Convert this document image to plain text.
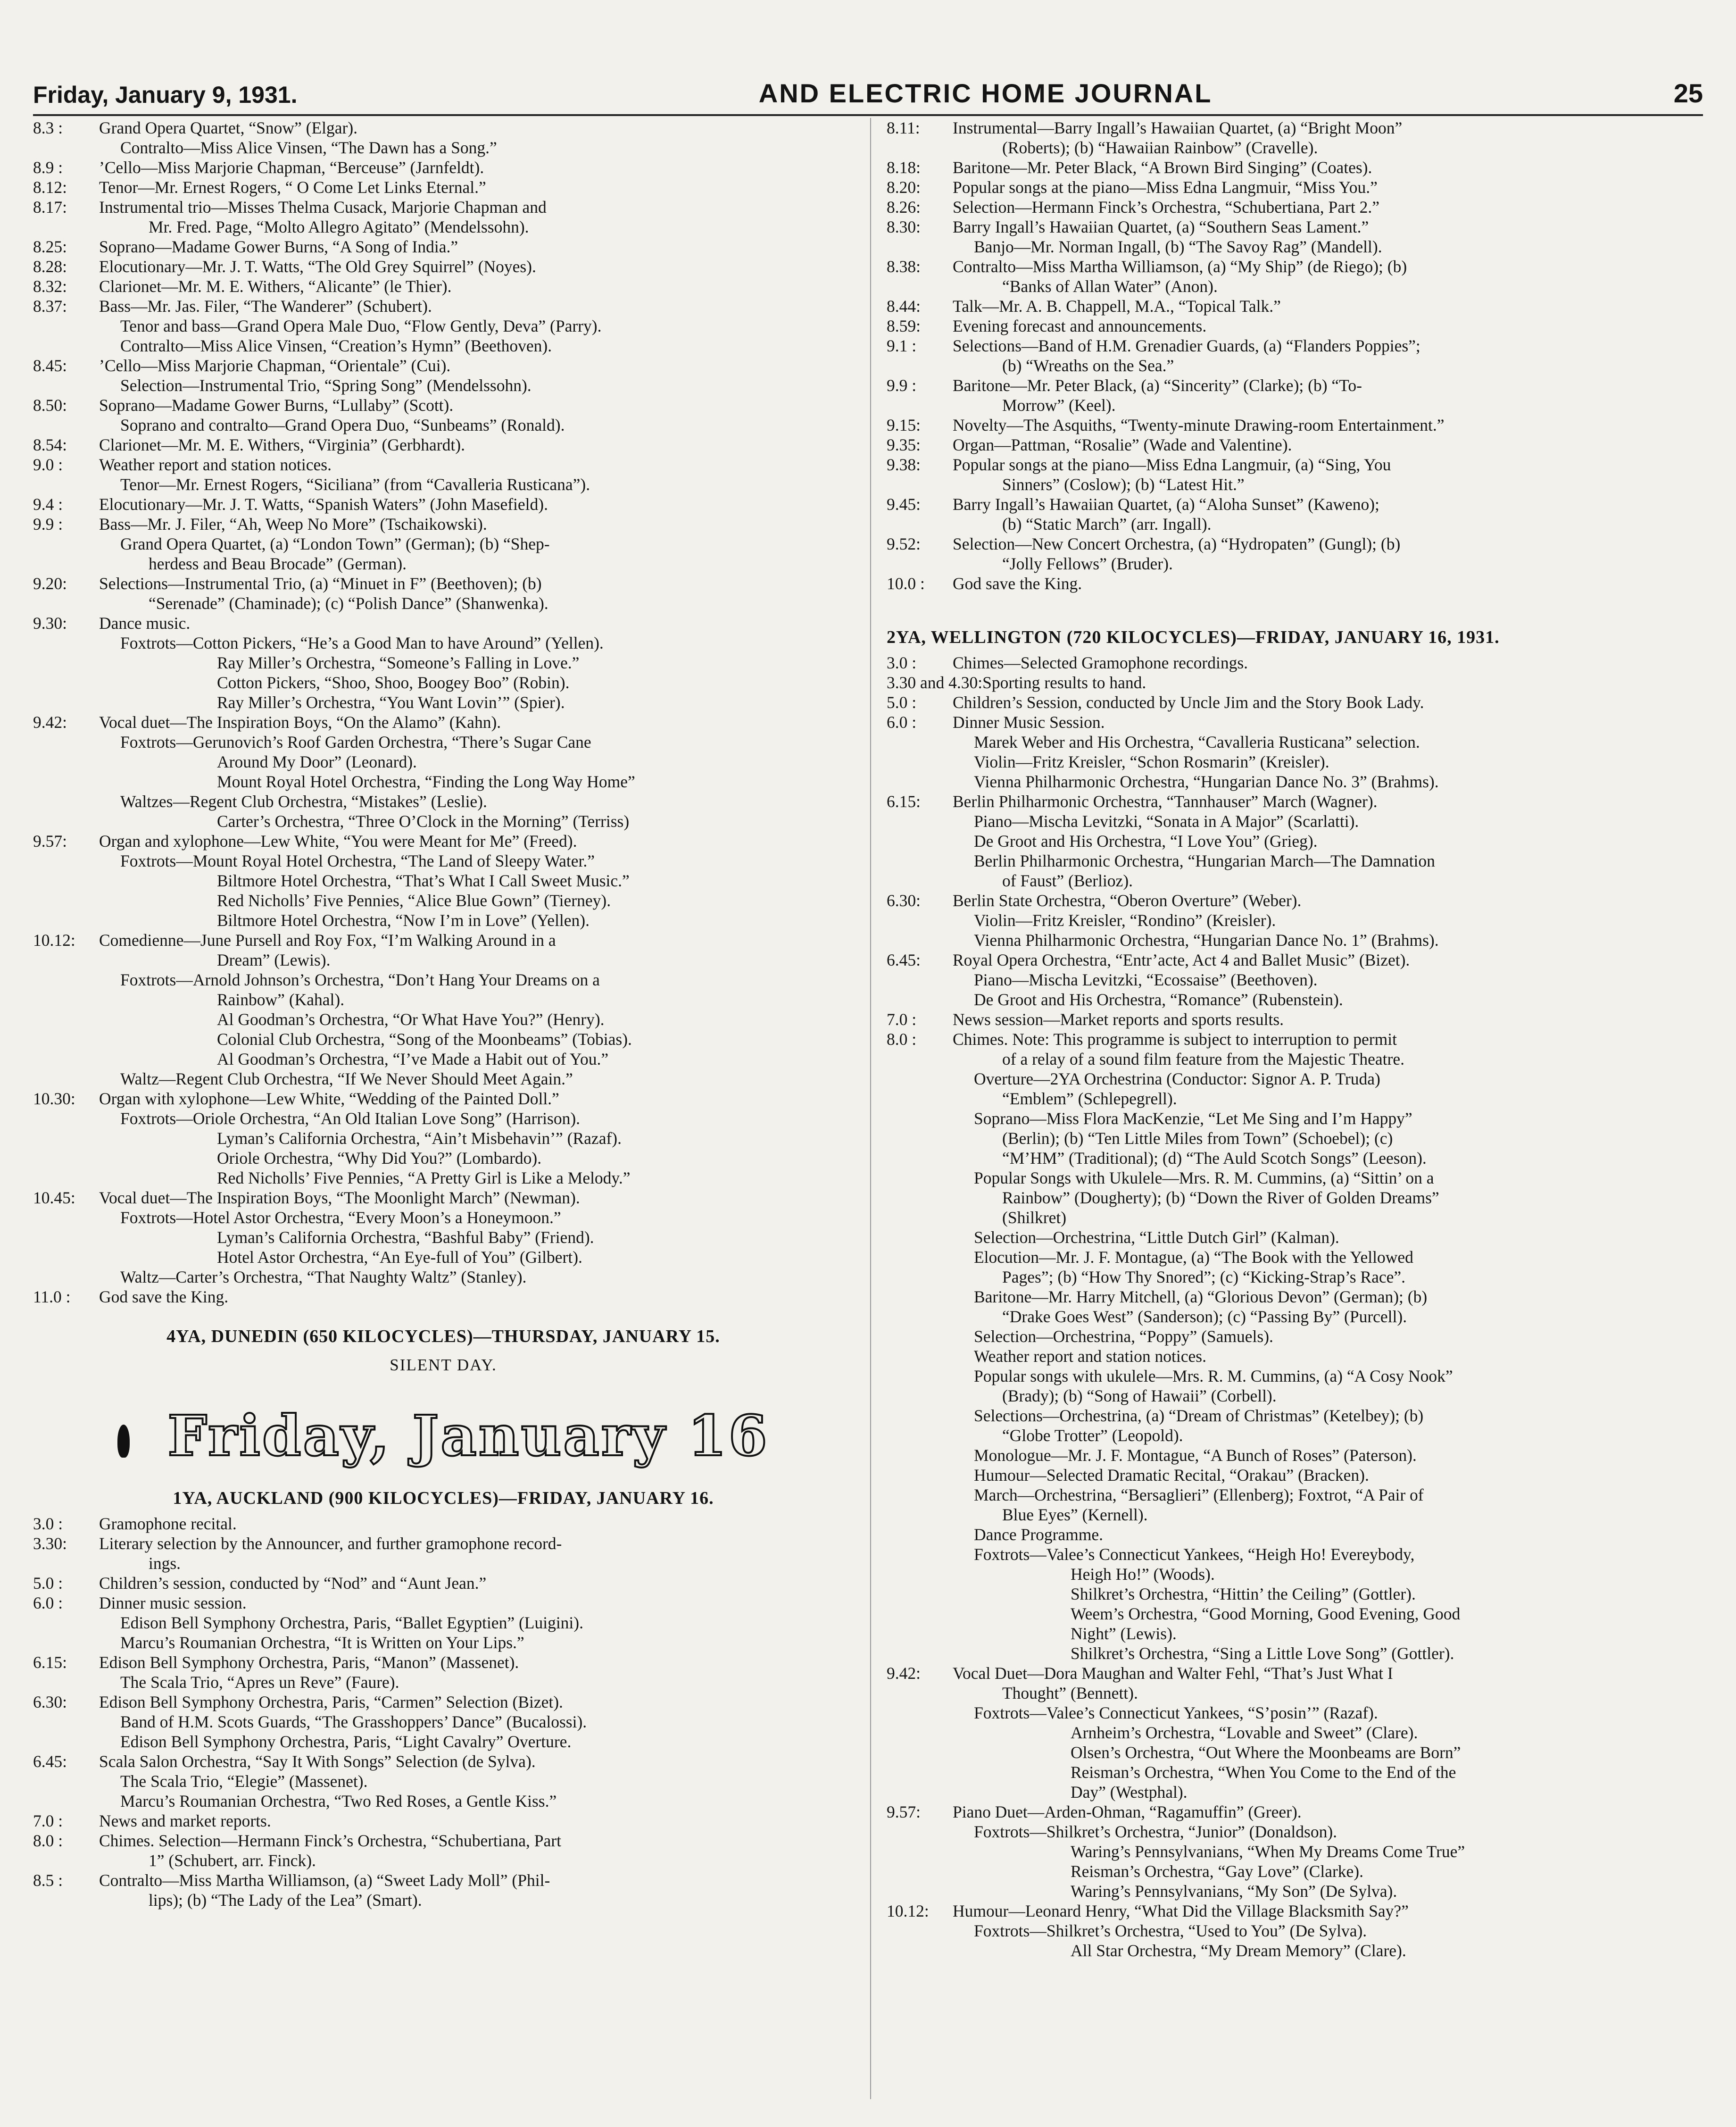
Friday, January 9, 1931.	AND ELECTRIC HOME JOURNAL	25
8.3 : Grand Opera Quartet, “Snow” (Elgar).
Contralto—Miss Alice Vinsen, “The Dawn has a Song.”
8.9 : ’Cello—Miss Marjorie Chapman, “Berceuse” (Jarnfeldt).
8.12: Tenor—Mr. Ernest Rogers, “ O Come Let Links Eternal.”
8.17: Instrumental trio—Misses Thelma Cusack, Marjorie Chapman and
Mr. Fred. Page, “Molto Allegro Agitato” (Mendelssohn).
8.25: Soprano—Madame Gower Burns, “A Song of India.”
8.28: Elocutionary—Mr. J. T. Watts, “The Old Grey Squirrel” (Noyes).
8.32: Clarionet—Mr. M. E. Withers, “Alicante” (le Thier).
8.37: Bass—Mr. Jas. Filer, “The Wanderer” (Schubert).
Tenor and bass—Grand Opera Male Duo, “Flow Gently, Deva” (Parry).
Contralto—Miss Alice Vinsen, “Creation’s Hymn” (Beethoven).
8.45: ’Cello—Miss Marjorie Chapman, “Orientale” (Cui).
Selection—Instrumental Trio, “Spring Song” (Mendelssohn).
8.50: Soprano—Madame Gower Burns, “Lullaby” (Scott).
Soprano and contralto—Grand Opera Duo, “Sunbeams” (Ronald).
8.54: Clarionet—Mr. M. E. Withers, “Virginia” (Gerbhardt).
9.0 : Weather report and station notices.
Tenor—Mr. Ernest Rogers, “Siciliana” (from “Cavalleria Rusticana”).
9.4 : Elocutionary—Mr. J. T. Watts, “Spanish Waters” (John Masefield).
9.9 : Bass—Mr. J. Filer, “Ah, Weep No More” (Tschaikowski).
Grand Opera Quartet, (a) “London Town” (German); (b) “Shep-
herdess and Beau Brocade” (German).
9.20: Selections—Instrumental Trio, (a) “Minuet in F” (Beethoven); (b)
“Serenade” (Chaminade); (c) “Polish Dance” (Shanwenka).
9.30: Dance music.
Foxtrots—Cotton Pickers, “He’s a Good Man to have Around” (Yellen).
Ray Miller’s Orchestra, “Someone’s Falling in Love.”
Cotton Pickers, “Shoo, Shoo, Boogey Boo” (Robin).
Ray Miller’s Orchestra, “You Want Lovin’” (Spier).
9.42: Vocal duet—The Inspiration Boys, “On the Alamo” (Kahn).
Foxtrots—Gerunovich’s Roof Garden Orchestra, “There’s Sugar Cane
Around My Door” (Leonard).
Mount Royal Hotel Orchestra, “Finding the Long Way Home”
Waltzes—Regent Club Orchestra, “Mistakes” (Leslie).
Carter’s Orchestra, “Three O’Clock in the Morning” (Terriss)
9.57: Organ and xylophone—Lew White, “You were Meant for Me” (Freed).
Foxtrots—Mount Royal Hotel Orchestra, “The Land of Sleepy Water.”
Biltmore Hotel Orchestra, “That’s What I Call Sweet Music.”
Red Nicholls’ Five Pennies, “Alice Blue Gown” (Tierney).
Biltmore Hotel Orchestra, “Now I’m in Love” (Yellen).
10.12: Comedienne—June Pursell and Roy Fox, “I’m Walking Around in a
Dream” (Lewis).
Foxtrots—Arnold Johnson’s Orchestra, “Don’t Hang Your Dreams on a
Rainbow” (Kahal).
Al Goodman’s Orchestra, “Or What Have You?” (Henry).
Colonial Club Orchestra, “Song of the Moonbeams” (Tobias).
Al Goodman’s Orchestra, “I’ve Made a Habit out of You.”
Waltz—Regent Club Orchestra, “If We Never Should Meet Again.”
10.30: Organ with xylophone—Lew White, “Wedding of the Painted Doll.”
Foxtrots—Oriole Orchestra, “An Old Italian Love Song” (Harrison).
Lyman’s California Orchestra, “Ain’t Misbehavin’” (Razaf).
Oriole Orchestra, “Why Did You?” (Lombardo).
Red Nicholls’ Five Pennies, “A Pretty Girl is Like a Melody.”
10.45: Vocal duet—The Inspiration Boys, “The Moonlight March” (Newman).
Foxtrots—Hotel Astor Orchestra, “Every Moon’s a Honeymoon.”
Lyman’s California Orchestra, “Bashful Baby” (Friend).
Hotel Astor Orchestra, “An Eye-full of You” (Gilbert).
Waltz—Carter’s Orchestra, “That Naughty Waltz” (Stanley).
11.0 : God save the King.
4YA, DUNEDIN (650 KILOCYCLES)—THURSDAY, JANUARY 15.
SILENT DAY.
Friday, January 16
1YA, AUCKLAND (900 KILOCYCLES)—FRIDAY, JANUARY 16.
3.0 : Gramophone recital.
3.30: Literary selection by the Announcer, and further gramophone record-
ings.
5.0 : Children’s session, conducted by “Nod” and “Aunt Jean.”
6.0 : Dinner music session.
Edison Bell Symphony Orchestra, Paris, “Ballet Egyptien” (Luigini).
Marcu’s Roumanian Orchestra, “It is Written on Your Lips.”
6.15: Edison Bell Symphony Orchestra, Paris, “Manon” (Massenet).
The Scala Trio, “Apres un Reve” (Faure).
6.30: Edison Bell Symphony Orchestra, Paris, “Carmen” Selection (Bizet).
Band of H.M. Scots Guards, “The Grasshoppers’ Dance” (Bucalossi).
Edison Bell Symphony Orchestra, Paris, “Light Cavalry” Overture.
6.45: Scala Salon Orchestra, “Say It With Songs” Selection (de Sylva).
The Scala Trio, “Elegie” (Massenet).
Marcu’s Roumanian Orchestra, “Two Red Roses, a Gentle Kiss.”
7.0 : News and market reports.
8.0 : Chimes. Selection—Hermann Finck’s Orchestra, “Schubertiana, Part
1” (Schubert, arr. Finck).
8.5 : Contralto—Miss Martha Williamson, (a) “Sweet Lady Moll” (Phil-
lips); (b) “The Lady of the Lea” (Smart).
8.11: Instrumental—Barry Ingall’s Hawaiian Quartet, (a) “Bright Moon”
(Roberts); (b) “Hawaiian Rainbow” (Cravelle).
8.18: Baritone—Mr. Peter Black, “A Brown Bird Singing” (Coates).
8.20: Popular songs at the piano—Miss Edna Langmuir, “Miss You.”
8.26: Selection—Hermann Finck’s Orchestra, “Schubertiana, Part 2.”
8.30: Barry Ingall’s Hawaiian Quartet, (a) “Southern Seas Lament.”
Banjo—Mr. Norman Ingall, (b) “The Savoy Rag” (Mandell).
8.38: Contralto—Miss Martha Williamson, (a) “My Ship” (de Riego); (b)
“Banks of Allan Water” (Anon).
8.44: Talk—Mr. A. B. Chappell, M.A., “Topical Talk.”
8.59: Evening forecast and announcements.
9.1 : Selections—Band of H.M. Grenadier Guards, (a) “Flanders Poppies”;
(b) “Wreaths on the Sea.”
9.9 : Baritone—Mr. Peter Black, (a) “Sincerity” (Clarke); (b) “To-
Morrow” (Keel).
9.15: Novelty—The Asquiths, “Twenty-minute Drawing-room Entertainment.”
9.35: Organ—Pattman, “Rosalie” (Wade and Valentine).
9.38: Popular songs at the piano—Miss Edna Langmuir, (a) “Sing, You
Sinners” (Coslow); (b) “Latest Hit.”
9.45: Barry Ingall’s Hawaiian Quartet, (a) “Aloha Sunset” (Kaweno);
(b) “Static March” (arr. Ingall).
9.52: Selection—New Concert Orchestra, (a) “Hydropaten” (Gungl); (b)
“Jolly Fellows” (Bruder).
10.0 : God save the King.
2YA, WELLINGTON (720 KILOCYCLES)—FRIDAY, JANUARY 16, 1931.
3.0 : Chimes—Selected Gramophone recordings.
3.30 and 4.30:Sporting results to hand.
5.0 : Children’s Session, conducted by Uncle Jim and the Story Book Lady.
6.0 : Dinner Music Session.
Marek Weber and His Orchestra, “Cavalleria Rusticana” selection.
Violin—Fritz Kreisler, “Schon Rosmarin” (Kreisler).
Vienna Philharmonic Orchestra, “Hungarian Dance No. 3” (Brahms).
6.15: Berlin Philharmonic Orchestra, “Tannhauser” March (Wagner).
Piano—Mischa Levitzki, “Sonata in A Major” (Scarlatti).
De Groot and His Orchestra, “I Love You” (Grieg).
Berlin Philharmonic Orchestra, “Hungarian March—The Damnation
of Faust” (Berlioz).
6.30: Berlin State Orchestra, “Oberon Overture” (Weber).
Violin—Fritz Kreisler, “Rondino” (Kreisler).
Vienna Philharmonic Orchestra, “Hungarian Dance No. 1” (Brahms).
6.45: Royal Opera Orchestra, “Entr’acte, Act 4 and Ballet Music” (Bizet).
Piano—Mischa Levitzki, “Ecossaise” (Beethoven).
De Groot and His Orchestra, “Romance” (Rubenstein).
7.0 : News session—Market reports and sports results.
8.0 : Chimes. Note: This programme is subject to interruption to permit
of a relay of a sound film feature from the Majestic Theatre.
Overture—2YA Orchestrina (Conductor: Signor A. P. Truda)
“Emblem” (Schlepegrell).
Soprano—Miss Flora MacKenzie, “Let Me Sing and I’m Happy”
(Berlin); (b) “Ten Little Miles from Town” (Schoebel); (c)
“M’HM” (Traditional); (d) “The Auld Scotch Songs” (Leeson).
Popular Songs with Ukulele—Mrs. R. M. Cummins, (a) “Sittin’ on a
Rainbow” (Dougherty); (b) “Down the River of Golden Dreams”
(Shilkret)
Selection—Orchestrina, “Little Dutch Girl” (Kalman).
Elocution—Mr. J. F. Montague, (a) “The Book with the Yellowed
Pages”; (b) “How Thy Snored”; (c) “Kicking-Strap’s Race”.
Baritone—Mr. Harry Mitchell, (a) “Glorious Devon” (German); (b)
“Drake Goes West” (Sanderson); (c) “Passing By” (Purcell).
Selection—Orchestrina, “Poppy” (Samuels).
Weather report and station notices.
Popular songs with ukulele—Mrs. R. M. Cummins, (a) “A Cosy Nook”
(Brady); (b) “Song of Hawaii” (Corbell).
Selections—Orchestrina, (a) “Dream of Christmas” (Ketelbey); (b)
“Globe Trotter” (Leopold).
Monologue—Mr. J. F. Montague, “A Bunch of Roses” (Paterson).
Humour—Selected Dramatic Recital, “Orakau” (Bracken).
March—Orchestrina, “Bersaglieri” (Ellenberg); Foxtrot, “A Pair of
Blue Eyes” (Kernell).
Dance Programme.
Foxtrots—Valee’s Connecticut Yankees, “Heigh Ho! Evereybody,
Heigh Ho!” (Woods).
Shilkret’s Orchestra, “Hittin’ the Ceiling” (Gottler).
Weem’s Orchestra, “Good Morning, Good Evening, Good
Night” (Lewis).
Shilkret’s Orchestra, “Sing a Little Love Song” (Gottler).
9.42: Vocal Duet—Dora Maughan and Walter Fehl, “That’s Just What I
Thought” (Bennett).
Foxtrots—Valee’s Connecticut Yankees, “S’posin’” (Razaf).
Arnheim’s Orchestra, “Lovable and Sweet” (Clare).
Olsen’s Orchestra, “Out Where the Moonbeams are Born”
Reisman’s Orchestra, “When You Come to the End of the
Day” (Westphal).
9.57: Piano Duet—Arden-Ohman, “Ragamuffin” (Greer).
Foxtrots—Shilkret’s Orchestra, “Junior” (Donaldson).
Waring’s Pennsylvanians, “When My Dreams Come True”
Reisman’s Orchestra, “Gay Love” (Clarke).
Waring’s Pennsylvanians, “My Son” (De Sylva).
10.12: Humour—Leonard Henry, “What Did the Village Blacksmith Say?”
Foxtrots—Shilkret’s Orchestra, “Used to You” (De Sylva).
All Star Orchestra, “My Dream Memory” (Clare).
